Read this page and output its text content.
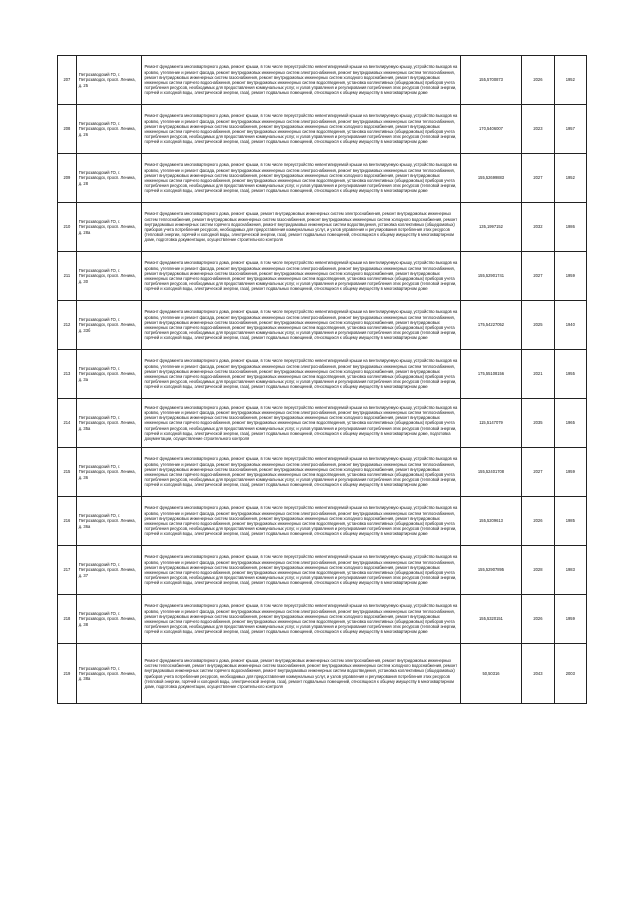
207	Петрозаводский ГО, г. Петрозаводск, просп. Ленина, д. 25	Ремонт фундамента многоквартирного дома, ремонт крыши, в том числе переустройство невентилируемой крыши на вентилируемую крышу, устройство выходов на кровлю, утепление и ремонт фасада, ремонт внутридомовых инженерных систем электроснабжения, ремонт внутридомовых инженерных систем теплоснабжения, ремонт внутридомовых инженерных систем газоснабжения, ремонт внутридомовых инженерных систем холодного водоснабжения, ремонт внутридомовых инженерных систем горячего водоснабжения, ремонт внутридомовых инженерных систем водоотведения, установка коллективных (общедомовых) приборов учета потребления ресурсов, необходимых для предоставления коммунальных услуг, и узлов управления и регулирования потребления этих ресурсов (тепловой энергии, горячей и холодной воды, электрической энергии, газа), ремонт подвальных помещений, относящихся к общему имуществу в многоквартирном доме	155,5700873	2026	1952
208	Петрозаводский ГО, г. Петрозаводск, просп. Ленина, д. 26	Ремонт фундамента многоквартирного дома, ремонт крыши, в том числе переустройство невентилируемой крыши на вентилируемую крышу, устройство выходов на кровлю, утепление и ремонт фасада, ремонт внутридомовых инженерных систем электроснабжения, ремонт внутридомовых инженерных систем теплоснабжения, ремонт внутридомовых инженерных систем газоснабжения, ремонт внутридомовых инженерных систем холодного водоснабжения, ремонт внутридомовых инженерных систем горячего водоснабжения, ремонт внутридомовых инженерных систем водоотведения, установка коллективных (общедомовых) приборов учета потребления ресурсов, необходимых для предоставления коммунальных услуг, и узлов управления и регулирования потребления этих ресурсов (тепловой энергии, горячей и холодной воды, электрической энергии, газа), ремонт подвальных помещений, относящихся к общему имуществу в многоквартирном доме	170,5406007	2023	1957
209	Петрозаводский ГО, г. Петрозаводск, просп. Ленина, д. 28	Ремонт фундамента многоквартирного дома, ремонт крыши, в том числе переустройство невентилируемой крыши на вентилируемую крышу, устройство выходов на кровлю, утепление и ремонт фасада, ремонт внутридомовых инженерных систем электроснабжения, ремонт внутридомовых инженерных систем теплоснабжения, ремонт внутридомовых инженерных систем газоснабжения, ремонт внутридомовых инженерных систем холодного водоснабжения, ремонт внутридомовых инженерных систем горячего водоснабжения, ремонт внутридомовых инженерных систем водоотведения, установка коллективных (общедомовых) приборов учета потребления ресурсов, необходимых для предоставления коммунальных услуг, и узлов управления и регулирования потребления этих ресурсов (тепловой энергии, горячей и холодной воды, электрической энергии, газа), ремонт подвальных помещений, относящихся к общему имуществу в многоквартирном доме	155,52699883	2027	1952
210	Петрозаводский ГО, г. Петрозаводск, просп. Ленина, д. 28а	Ремонт фундамента многоквартирного дома, ремонт крыши, ремонт внутридомовых инженерных систем электроснабжения, ремонт внутридомовых инженерных систем теплоснабжения, ремонт внутридомовых инженерных систем газоснабжения, ремонт внутридомовых инженерных систем холодного водоснабжения, ремонт внутридомовых инженерных систем горячего водоснабжения, ремонт внутридомовых инженерных систем водоотведения, установка коллективных (общедомовых) приборов учета потребления ресурсов, необходимых для предоставления коммунальных услуг, и узлов управления и регулирования потребления этих ресурсов (тепловой энергии, горячей и холодной воды, электрической энергии, газа), ремонт подвальных помещений, относящихся к общему имуществу в многоквартирном доме, подготовка документации, осуществление строительного контроля	135,1997152	2032	1986
211	Петрозаводский ГО, г. Петрозаводск, просп. Ленина, д. 30	Ремонт фундамента многоквартирного дома, ремонт крыши, в том числе переустройство невентилируемой крыши на вентилируемую крышу, устройство выходов на кровлю, утепление и ремонт фасада, ремонт внутридомовых инженерных систем электроснабжения, ремонт внутридомовых инженерных систем теплоснабжения, ремонт внутридомовых инженерных систем газоснабжения, ремонт внутридомовых инженерных систем холодного водоснабжения, ремонт внутридомовых инженерных систем горячего водоснабжения, ремонт внутридомовых инженерных систем водоотведения, установка коллективных (общедомовых) приборов учета потребления ресурсов, необходимых для предоставления коммунальных услуг, и узлов управления и регулирования потребления этих ресурсов (тепловой энергии, горячей и холодной воды, электрической энергии, газа), ремонт подвальных помещений, относящихся к общему имуществу в многоквартирном доме	155,52901741	2027	1959
212	Петрозаводский ГО, г. Петрозаводск, просп. Ленина, д. 33б	Ремонт фундамента многоквартирного дома, ремонт крыши, в том числе переустройство невентилируемой крыши на вентилируемую крышу, устройство выходов на кровлю, утепление и ремонт фасада, ремонт внутридомовых инженерных систем электроснабжения, ремонт внутридомовых инженерных систем теплоснабжения, ремонт внутридомовых инженерных систем газоснабжения, ремонт внутридомовых инженерных систем холодного водоснабжения, ремонт внутридомовых инженерных систем горячего водоснабжения, ремонт внутридомовых инженерных систем водоотведения, установка коллективных (общедомовых) приборов учета потребления ресурсов, необходимых для предоставления коммунальных услуг, и узлов управления и регулирования потребления этих ресурсов (тепловой энергии, горячей и холодной воды, электрической энергии, газа), ремонт подвальных помещений, относящихся к общему имуществу в многоквартирном доме	175,54227052	2025	1940
213	Петрозаводский ГО, г. Петрозаводск, просп. Ленина, д. 3а	Ремонт фундамента многоквартирного дома, ремонт крыши, в том числе переустройство невентилируемой крыши на вентилируемую крышу, устройство выходов на кровлю, утепление и ремонт фасада, ремонт внутридомовых инженерных систем электроснабжения, ремонт внутридомовых инженерных систем теплоснабжения, ремонт внутридомовых инженерных систем газоснабжения, ремонт внутридомовых инженерных систем холодного водоснабжения, ремонт внутридомовых инженерных систем горячего водоснабжения, ремонт внутридомовых инженерных систем водоотведения, установка коллективных (общедомовых) приборов учета потребления ресурсов, необходимых для предоставления коммунальных услуг, и узлов управления и регулирования потребления этих ресурсов (тепловой энергии, горячей и холодной воды, электрической энергии, газа), ремонт подвальных помещений, относящихся к общему имуществу в многоквартирном доме	175,55108156	2021	1955
214	Петрозаводский ГО, г. Петрозаводск, просп. Ленина, д. 35а	Ремонт фундамента многоквартирного дома, ремонт крыши, в том числе переустройство невентилируемой крыши на вентилируемую крышу, устройство выходов на кровлю, утепление и ремонт фасада, ремонт внутридомовых инженерных систем электроснабжения, ремонт внутридомовых инженерных систем теплоснабжения, ремонт внутридомовых инженерных систем газоснабжения, ремонт внутридомовых инженерных систем холодного водоснабжения, ремонт внутридомовых инженерных систем горячего водоснабжения, ремонт внутридомовых инженерных систем водоотведения, установка коллективных (общедомовых) приборов учета потребления ресурсов, необходимых для предоставления коммунальных услуг, и узлов управления и регулирования потребления этих ресурсов (тепловой энергии, горячей и холодной воды, электрической энергии, газа), ремонт подвальных помещений, относящихся к общему имуществу в многоквартирном доме, подготовка документации, осуществление строительного контроля	115,5147079	2035	1965
215	Петрозаводский ГО, г. Петрозаводск, просп. Ленина, д. 36	Ремонт фундамента многоквартирного дома, ремонт крыши, в том числе переустройство невентилируемой крыши на вентилируемую крышу, устройство выходов на кровлю, утепление и ремонт фасада, ремонт внутридомовых инженерных систем электроснабжения, ремонт внутридомовых инженерных систем теплоснабжения, ремонт внутридомовых инженерных систем газоснабжения, ремонт внутридомовых инженерных систем холодного водоснабжения, ремонт внутридомовых инженерных систем горячего водоснабжения, ремонт внутридомовых инженерных систем водоотведения, установка коллективных (общедомовых) приборов учета потребления ресурсов, необходимых для предоставления коммунальных услуг, и узлов управления и регулирования потребления этих ресурсов (тепловой энергии, горячей и холодной воды, электрической энергии, газа), ремонт подвальных помещений, относящихся к общему имуществу в многоквартирном доме	155,52401708	2027	1959
216	Петрозаводский ГО, г. Петрозаводск, просп. Ленина, д. 36а	Ремонт фундамента многоквартирного дома, ремонт крыши, в том числе переустройство невентилируемой крыши на вентилируемую крышу, устройство выходов на кровлю, утепление и ремонт фасада, ремонт внутридомовых инженерных систем электроснабжения, ремонт внутридомовых инженерных систем теплоснабжения, ремонт внутридомовых инженерных систем газоснабжения, ремонт внутридомовых инженерных систем холодного водоснабжения, ремонт внутридомовых инженерных систем горячего водоснабжения, ремонт внутридомовых инженерных систем водоотведения, установка коллективных (общедомовых) приборов учета потребления ресурсов, необходимых для предоставления коммунальных услуг, и узлов управления и регулирования потребления этих ресурсов (тепловой энергии, горячей и холодной воды, электрической энергии, газа), ремонт подвальных помещений, относящихся к общему имуществу в многоквартирном доме	155,5209613	2026	1985
217	Петрозаводский ГО, г. Петрозаводск, просп. Ленина, д. 37	Ремонт фундамента многоквартирного дома, ремонт крыши, в том числе переустройство невентилируемой крыши на вентилируемую крышу, устройство выходов на кровлю, утепление и ремонт фасада, ремонт внутридомовых инженерных систем электроснабжения, ремонт внутридомовых инженерных систем теплоснабжения, ремонт внутридомовых инженерных систем газоснабжения, ремонт внутридомовых инженерных систем холодного водоснабжения, ремонт внутридомовых инженерных систем горячего водоснабжения, ремонт внутридомовых инженерных систем водоотведения, установка коллективных (общедомовых) приборов учета потребления ресурсов, необходимых для предоставления коммунальных услуг, и узлов управления и регулирования потребления этих ресурсов (тепловой энергии, горячей и холодной воды, электрической энергии, газа), ремонт подвальных помещений, относящихся к общему имуществу в многоквартирном доме	155,52907895	2028	1983
218	Петрозаводский ГО, г. Петрозаводск, просп. Ленина, д. 38	Ремонт фундамента многоквартирного дома, ремонт крыши, в том числе переустройство невентилируемой крыши на вентилируемую крышу, устройство выходов на кровлю, утепление и ремонт фасада, ремонт внутридомовых инженерных систем электроснабжения, ремонт внутридомовых инженерных систем теплоснабжения, ремонт внутридомовых инженерных систем газоснабжения, ремонт внутридомовых инженерных систем холодного водоснабжения, ремонт внутридомовых инженерных систем горячего водоснабжения, ремонт внутридомовых инженерных систем водоотведения, установка коллективных (общедомовых) приборов учета потребления ресурсов, необходимых для предоставления коммунальных услуг, и узлов управления и регулирования потребления этих ресурсов (тепловой энергии, горячей и холодной воды, электрической энергии, газа), ремонт подвальных помещений, относящихся к общему имуществу в многоквартирном доме	155,5320151	2026	1959
219	Петрозаводский ГО, г. Петрозаводск, просп. Ленина, д. 38а	Ремонт фундамента многоквартирного дома, ремонт крыши, ремонт внутридомовых инженерных систем электроснабжения, ремонт внутридомовых инженерных систем теплоснабжения, ремонт внутридомовых инженерных систем газоснабжения, ремонт внутридомовых инженерных систем холодного водоснабжения, ремонт внутридомовых инженерных систем горячего водоснабжения, ремонт внутридомовых инженерных систем водоотведения, установка коллективных (общедомовых) приборов учета потребления ресурсов, необходимых для предоставления коммунальных услуг, и узлов управления и регулирования потребления этих ресурсов (тепловой энергии, горячей и холодной воды, электрической энергии, газа), ремонт подвальных помещений, относящихся к общему имуществу в многоквартирном доме, подготовка документации, осуществление строительного контроля	50,50316	2043	2003
